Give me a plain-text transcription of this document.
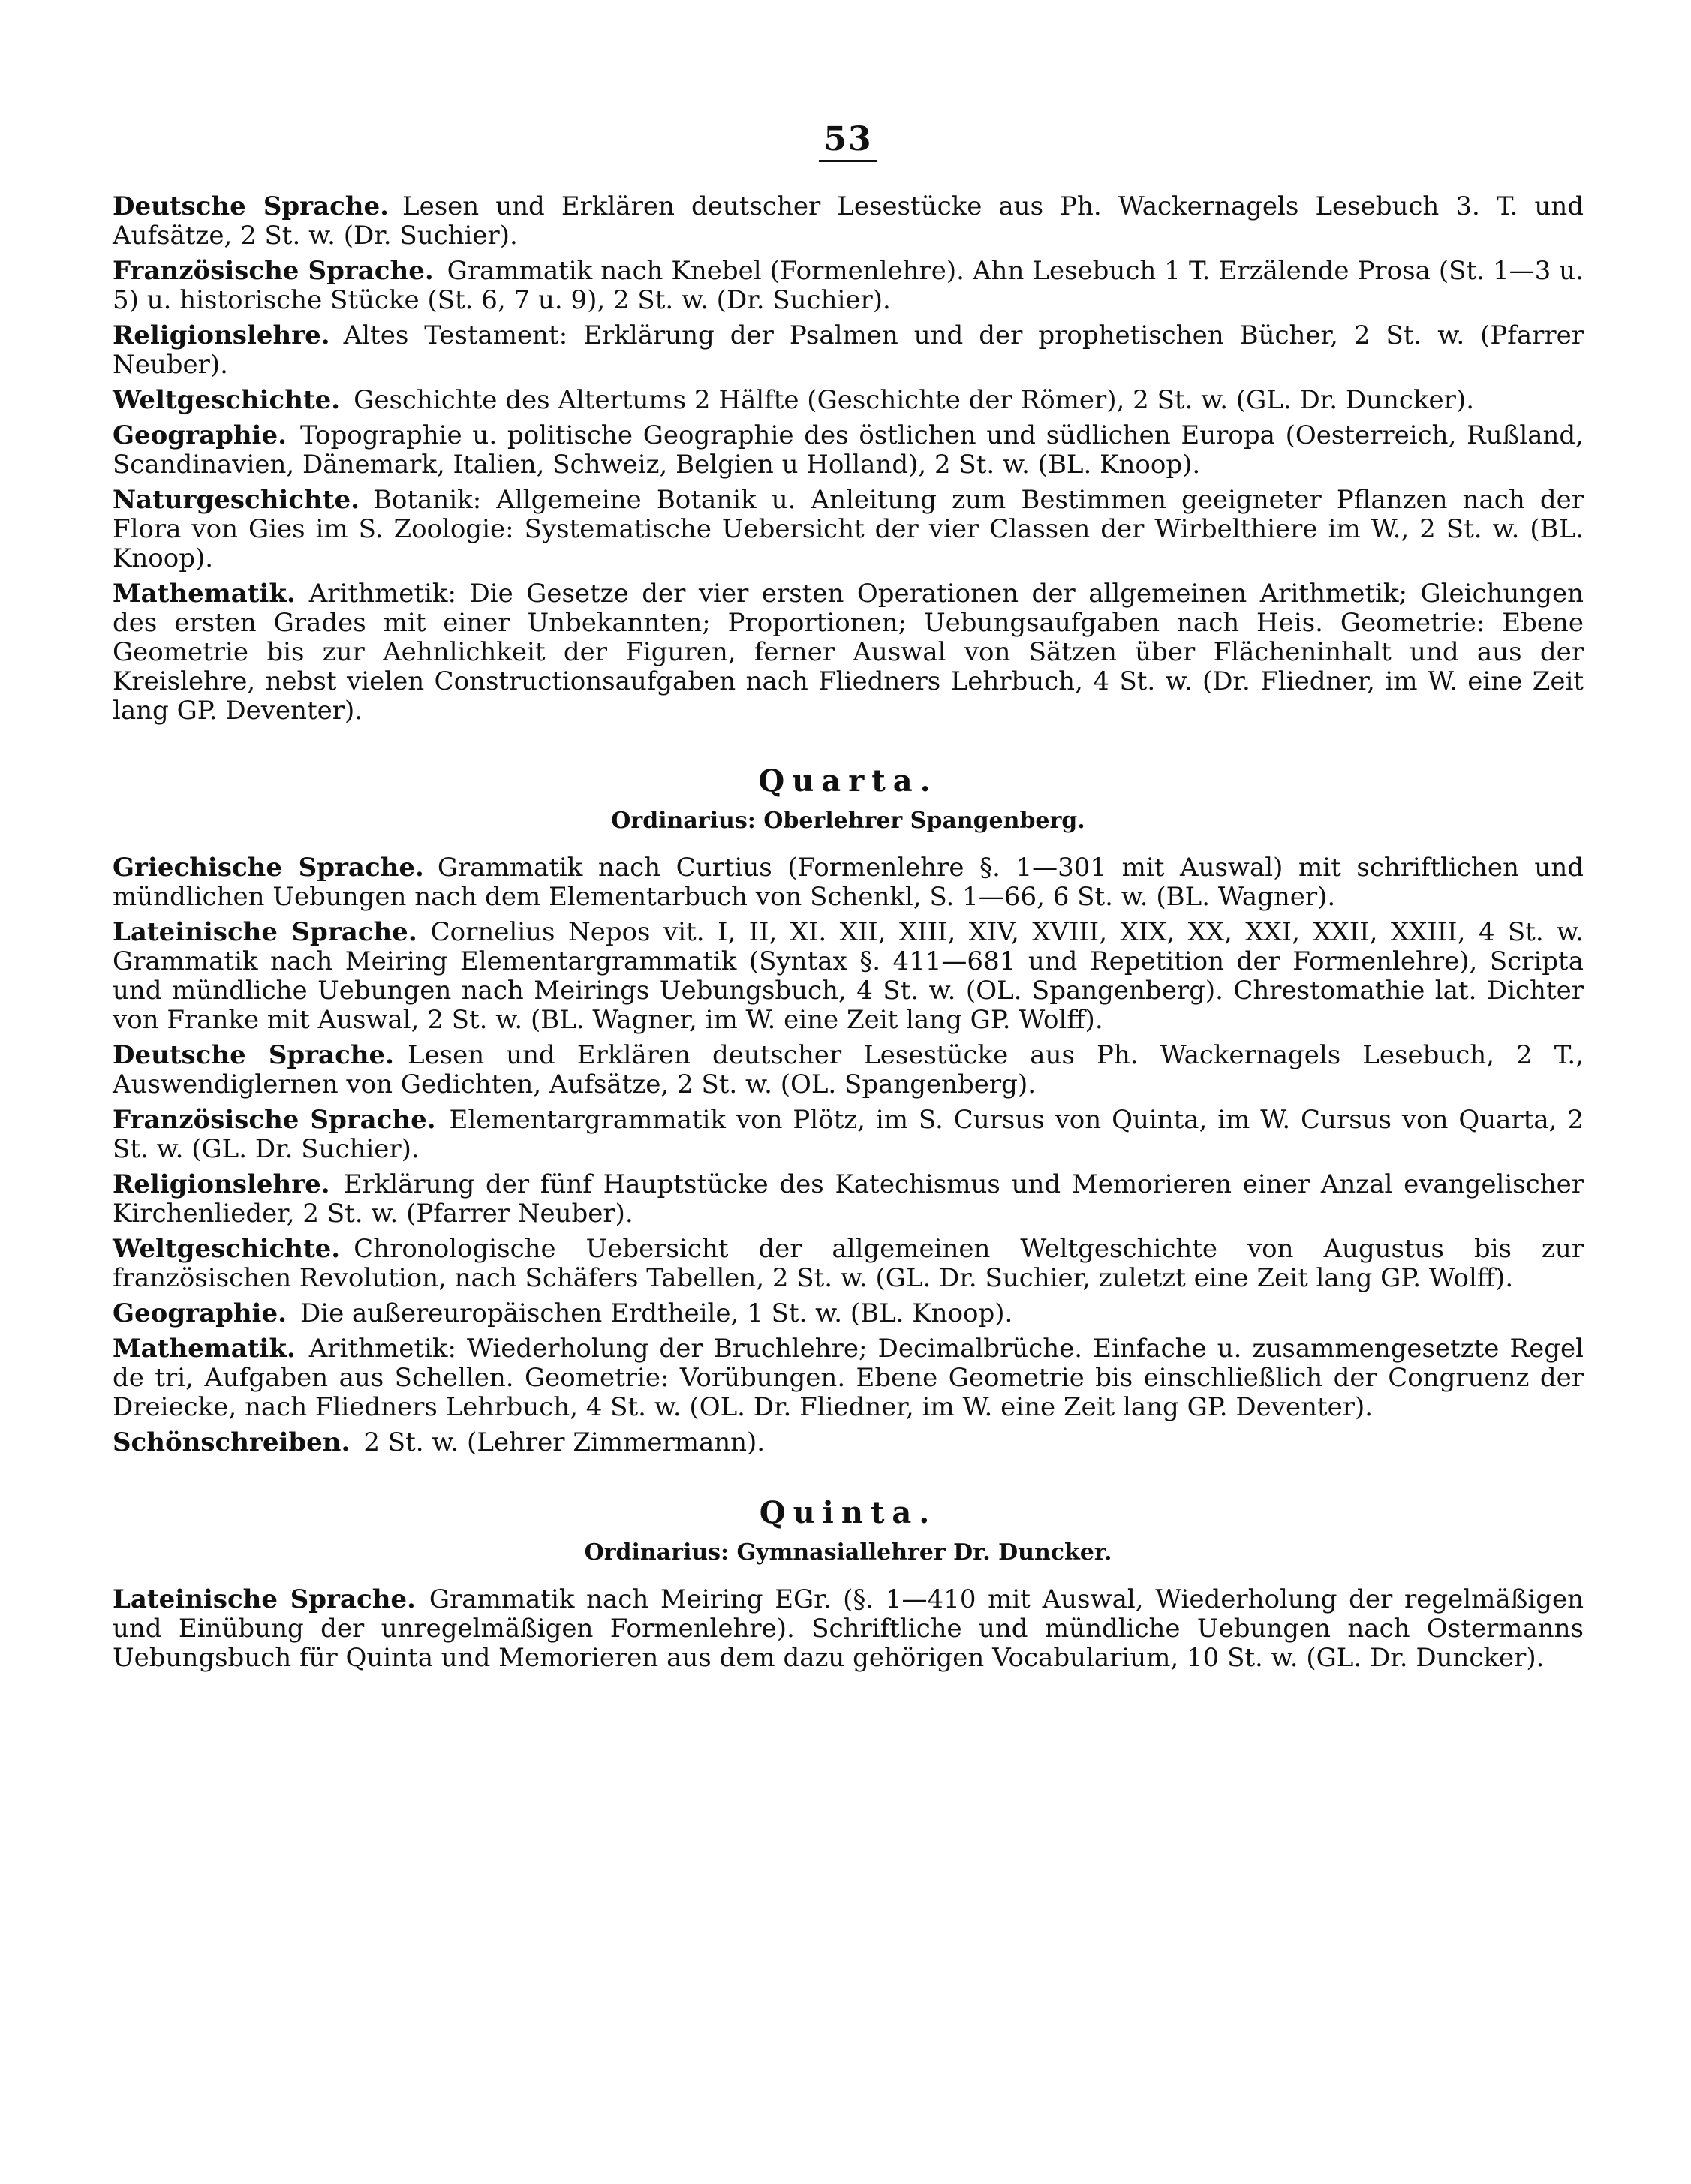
53

Deutsche Sprache. Lesen und Erklären deutscher Lesestücke aus Ph. Wackernagels Lesebuch 3. T. und Aufsätze, 2 St. w. (Dr. Suchier).

Französische Sprache. Grammatik nach Knebel (Formenlehre). Ahn Lesebuch 1 T. Erzälende Prosa (St. 1—3 u. 5) u. historische Stücke (St. 6, 7 u. 9), 2 St. w. (Dr. Suchier).

Religionslehre. Altes Testament: Erklärung der Psalmen und der prophetischen Bücher, 2 St. w. (Pfarrer Neuber).

Weltgeschichte. Geschichte des Altertums 2 Hälfte (Geschichte der Römer), 2 St. w. (GL. Dr. Duncker).

Geographie. Topographie u. politische Geographie des östlichen und südlichen Europa (Oesterreich, Rußland, Scandinavien, Dänemark, Italien, Schweiz, Belgien u Holland), 2 St. w. (BL. Knoop).

Naturgeschichte. Botanik: Allgemeine Botanik u. Anleitung zum Bestimmen geeigneter Pflanzen nach der Flora von Gies im S. Zoologie: Systematische Uebersicht der vier Classen der Wirbelthiere im W., 2 St. w. (BL. Knoop).

Mathematik. Arithmetik: Die Gesetze der vier ersten Operationen der allgemeinen Arithmetik; Gleichungen des ersten Grades mit einer Unbekannten; Proportionen; Uebungsaufgaben nach Heis. Geometrie: Ebene Geometrie bis zur Aehnlichkeit der Figuren, ferner Auswal von Sätzen über Flächeninhalt und aus der Kreislehre, nebst vielen Constructionsaufgaben nach Fliedners Lehrbuch, 4 St. w. (Dr. Fliedner, im W. eine Zeit lang GP. Deventer).

Quarta.
Ordinarius: Oberlehrer Spangenberg.

Griechische Sprache. Grammatik nach Curtius (Formenlehre §. 1—301 mit Auswal) mit schriftlichen und mündlichen Uebungen nach dem Elementarbuch von Schenkl, S. 1—66, 6 St. w. (BL. Wagner).

Lateinische Sprache. Cornelius Nepos vit. I, II, XI. XII, XIII, XIV, XVIII, XIX, XX, XXI, XXII, XXIII, 4 St. w. Grammatik nach Meiring Elementargrammatik (Syntax §. 411—681 und Repetition der Formenlehre), Scripta und mündliche Uebungen nach Meirings Uebungsbuch, 4 St. w. (OL. Spangenberg). Chrestomathie lat. Dichter von Franke mit Auswal, 2 St. w. (BL. Wagner, im W. eine Zeit lang GP. Wolff).

Deutsche Sprache. Lesen und Erklären deutscher Lesestücke aus Ph. Wackernagels Lesebuch, 2 T., Auswendiglernen von Gedichten, Aufsätze, 2 St. w. (OL. Spangenberg).

Französische Sprache. Elementargrammatik von Plötz, im S. Cursus von Quinta, im W. Cursus von Quarta, 2 St. w. (GL. Dr. Suchier).

Religionslehre. Erklärung der fünf Hauptstücke des Katechismus und Memorieren einer Anzal evangelischer Kirchenlieder, 2 St. w. (Pfarrer Neuber).

Weltgeschichte. Chronologische Uebersicht der allgemeinen Weltgeschichte von Augustus bis zur französischen Revolution, nach Schäfers Tabellen, 2 St. w. (GL. Dr. Suchier, zuletzt eine Zeit lang GP. Wolff).

Geographie. Die außereuropäischen Erdtheile, 1 St. w. (BL. Knoop).

Mathematik. Arithmetik: Wiederholung der Bruchlehre; Decimalbrüche. Einfache u. zusammengesetzte Regel de tri, Aufgaben aus Schellen. Geometrie: Vorübungen. Ebene Geometrie bis einschließlich der Congruenz der Dreiecke, nach Fliedners Lehrbuch, 4 St. w. (OL. Dr. Fliedner, im W. eine Zeit lang GP. Deventer).

Schönschreiben. 2 St. w. (Lehrer Zimmermann).

Quinta.
Ordinarius: Gymnasiallehrer Dr. Duncker.

Lateinische Sprache. Grammatik nach Meiring EGr. (§. 1—410 mit Auswal, Wiederholung der regelmäßigen und Einübung der unregelmäßigen Formenlehre). Schriftliche und mündliche Uebungen nach Ostermanns Uebungsbuch für Quinta und Memorieren aus dem dazu gehörigen Vocabularium, 10 St. w. (GL. Dr. Duncker).
